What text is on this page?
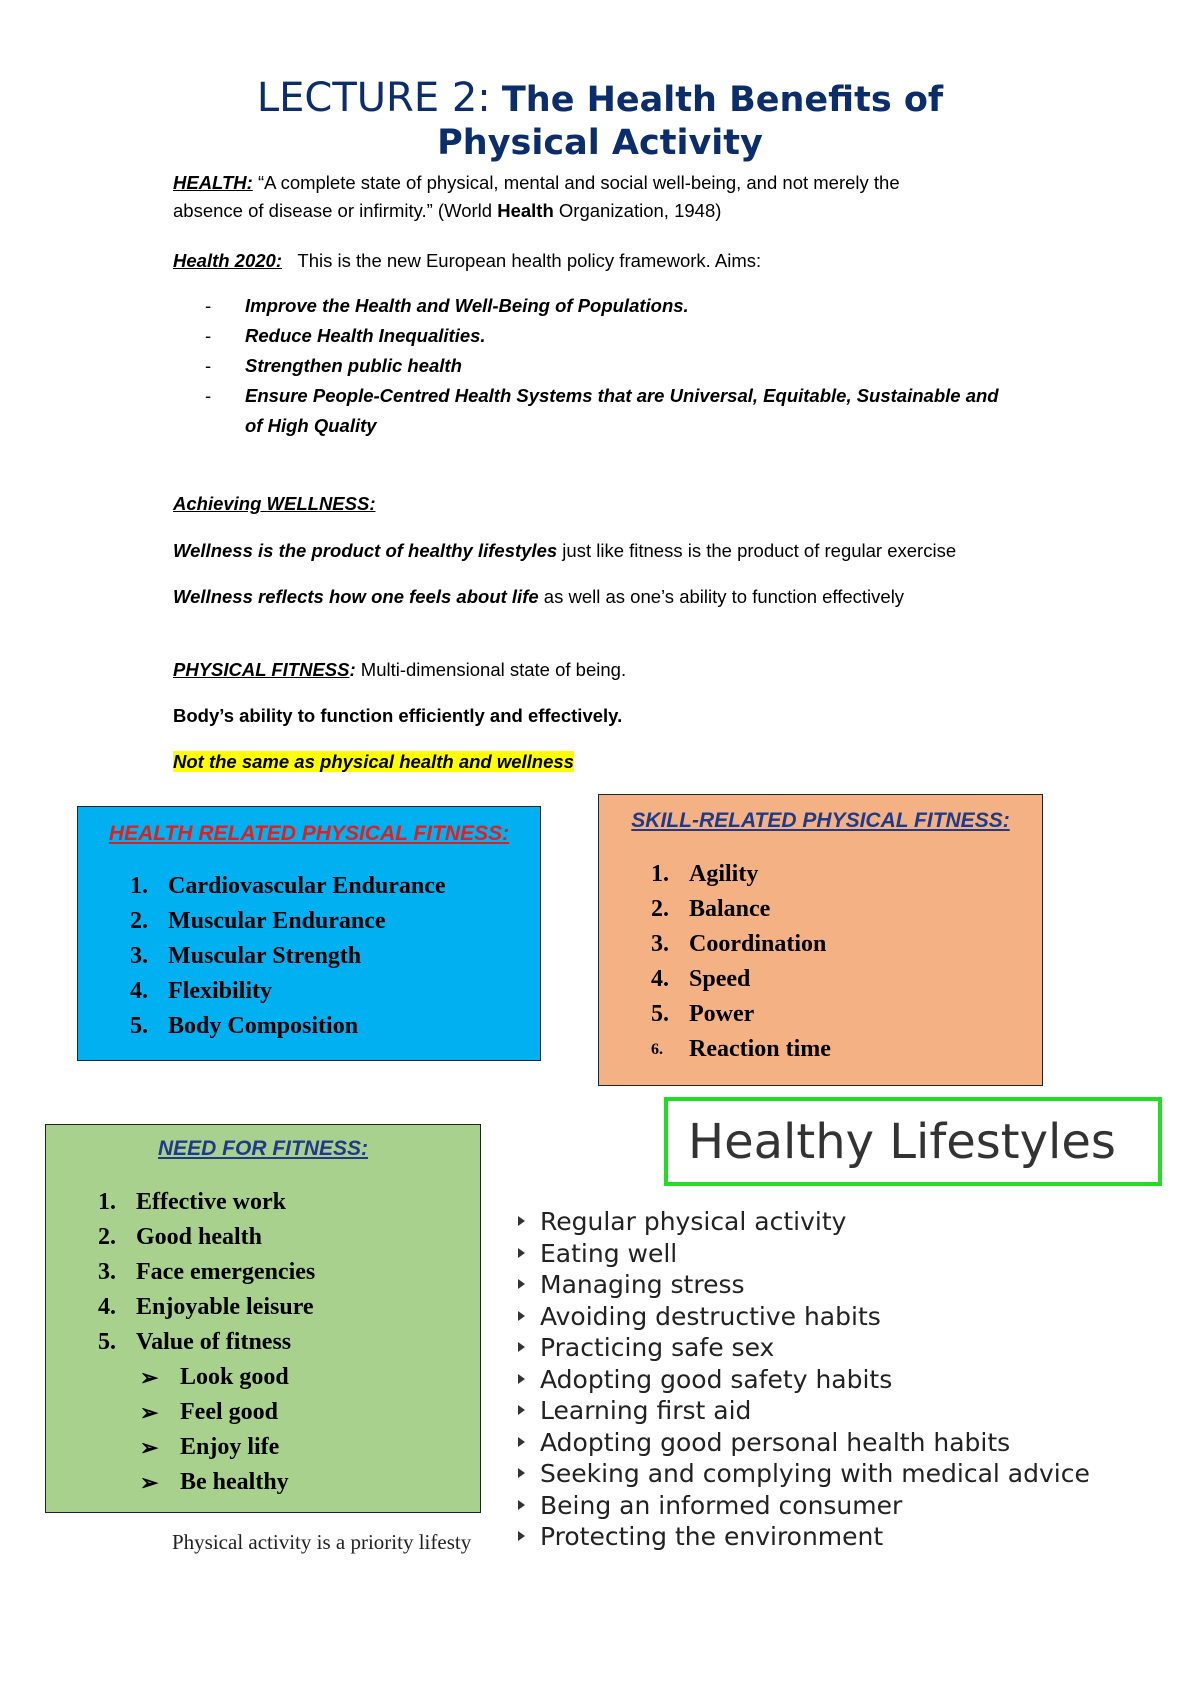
LECTURE 2: The Health Benefits of
Physical Activity
HEALTH: “A complete state of physical, mental and social well-being, and not merely the
absence of disease or infirmity.” (World Health Organization, 1948)
Health 2020: This is the new European health policy framework. Aims:
- Improve the Health and Well-Being of Populations.
- Reduce Health Inequalities.
- Strengthen public health
- Ensure People-Centred Health Systems that are Universal, Equitable, Sustainable and
of High Quality
Achieving WELLNESS:
Wellness is the product of healthy lifestyles just like fitness is the product of regular exercise
Wellness reflects how one feels about life as well as one’s ability to function effectively
PHYSICAL FITNESS: Multi-dimensional state of being.
Body’s ability to function efficiently and effectively.
Not the same as physical health and wellness
HEALTH RELATED PHYSICAL FITNESS:
1. Cardiovascular Endurance
2. Muscular Endurance
3. Muscular Strength
4. Flexibility
5. Body Composition
SKILL-RELATED PHYSICAL FITNESS:
1. Agility
2. Balance
3. Coordination
4. Speed
5. Power
6. Reaction time
NEED FOR FITNESS:
1. Effective work
2. Good health
3. Face emergencies
4. Enjoyable leisure
5. Value of fitness
➢ Look good
➢ Feel good
➢ Enjoy life
➢ Be healthy
Physical activity is a priority lifesty
Healthy Lifestyles
Regular physical activity
Eating well
Managing stress
Avoiding destructive habits
Practicing safe sex
Adopting good safety habits
Learning first aid
Adopting good personal health habits
Seeking and complying with medical advice
Being an informed consumer
Protecting the environment
